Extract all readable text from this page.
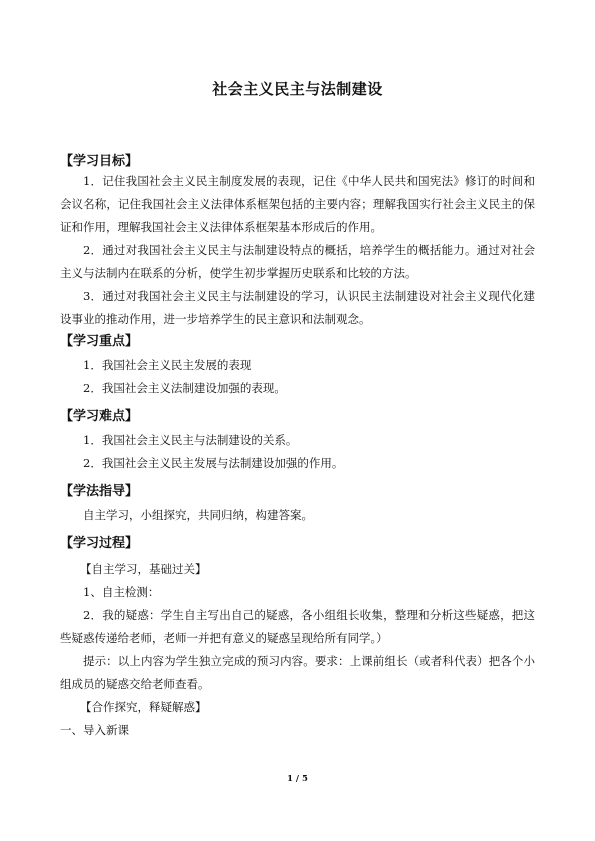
社会主义民主与法制建设
【学习目标】
1．记住我国社会主义民主制度发展的表现，记住《中华人民共和国宪法》修订的时间和会议名称，记住我国社会主义法律体系框架包括的主要内容；理解我国实行社会主义民主的保证和作用，理解我国社会主义法律体系框架基本形成后的作用。
2．通过对我国社会主义民主与法制建设特点的概括，培养学生的概括能力。通过对社会主义与法制内在联系的分析，使学生初步掌握历史联系和比较的方法。
3．通过对我国社会主义民主与法制建设的学习，认识民主法制建设对社会主义现代化建设事业的推动作用，进一步培养学生的民主意识和法制观念。
【学习重点】
1．我国社会主义民主发展的表现
2．我国社会主义法制建设加强的表现。
【学习难点】
1．我国社会主义民主与法制建设的关系。
2．我国社会主义民主发展与法制建设加强的作用。
【学法指导】
自主学习，小组探究，共同归纳，构建答案。
【学习过程】
【自主学习，基础过关】
1、自主检测：
2．我的疑惑：学生自主写出自己的疑惑，各小组组长收集，整理和分析这些疑惑，把这些疑惑传递给老师，老师一并把有意义的疑惑呈现给所有同学。）
提示：以上内容为学生独立完成的预习内容。要求：上课前组长（或者科代表）把各个小组成员的疑惑交给老师查看。
【合作探究，释疑解惑】
一、导入新课
1 / 5
